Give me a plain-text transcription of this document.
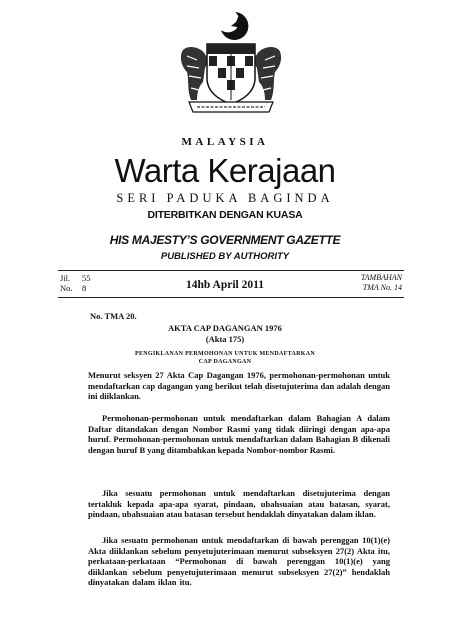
MALAYSIA
Warta Kerajaan
SERI PADUKA BAGINDA
DITERBITKAN DENGAN KUASA
HIS MAJESTY’S GOVERNMENT GAZETTE
PUBLISHED BY AUTHORITY
Jil. 55
No. 8	14hb April 2011
TAMBAHAN
TMA No. 14
No. TMA 20.
AKTA CAP DAGANGAN 1976
(Akta 175)
PENGIKLANAN PERMOHONAN UNTUK MENDAFTARKAN
CAP DAGANGAN

Menurut seksyen 27 Akta Cap Dagangan 1976, permohonan-permohonan untuk mendaftarkan cap dagangan yang berikut telah disetujuterima dan adalah dengan ini diiklankan.

Permohonan-permohonan untuk mendaftarkan dalam Bahagian A dalam Daftar ditandakan dengan Nombor Rasmi yang tidak diiringi dengan apa-apa huruf. Permohonan-permohonan untuk mendaftarkan dalam Bahagian B dikenali dengan huruf B yang ditambahkan kepada Nombor-nombor Rasmi.

Jika sesuatu permohonan untuk mendaftarkan disetujuterima dengan tertakluk kepada apa-apa syarat, pindaan, ubahsuaian atau batasan, syarat, pindaan, ubahsuaian atau batasan tersebut hendaklah dinyatakan dalam iklan.

Jika sesuatu permohonan untuk mendaftarkan di bawah perenggan 10(1)(e) Akta diiklankan sebelum penyetujuterimaan menurut subseksyen 27(2) Akta itu, perkataan-perkataan “Permohonan di bawah perenggan 10(1)(e) yang diiklankan sebelum penyetujuterimaan menurut subseksyen 27(2)” hendaklah dinyatakan dalam iklan itu.
